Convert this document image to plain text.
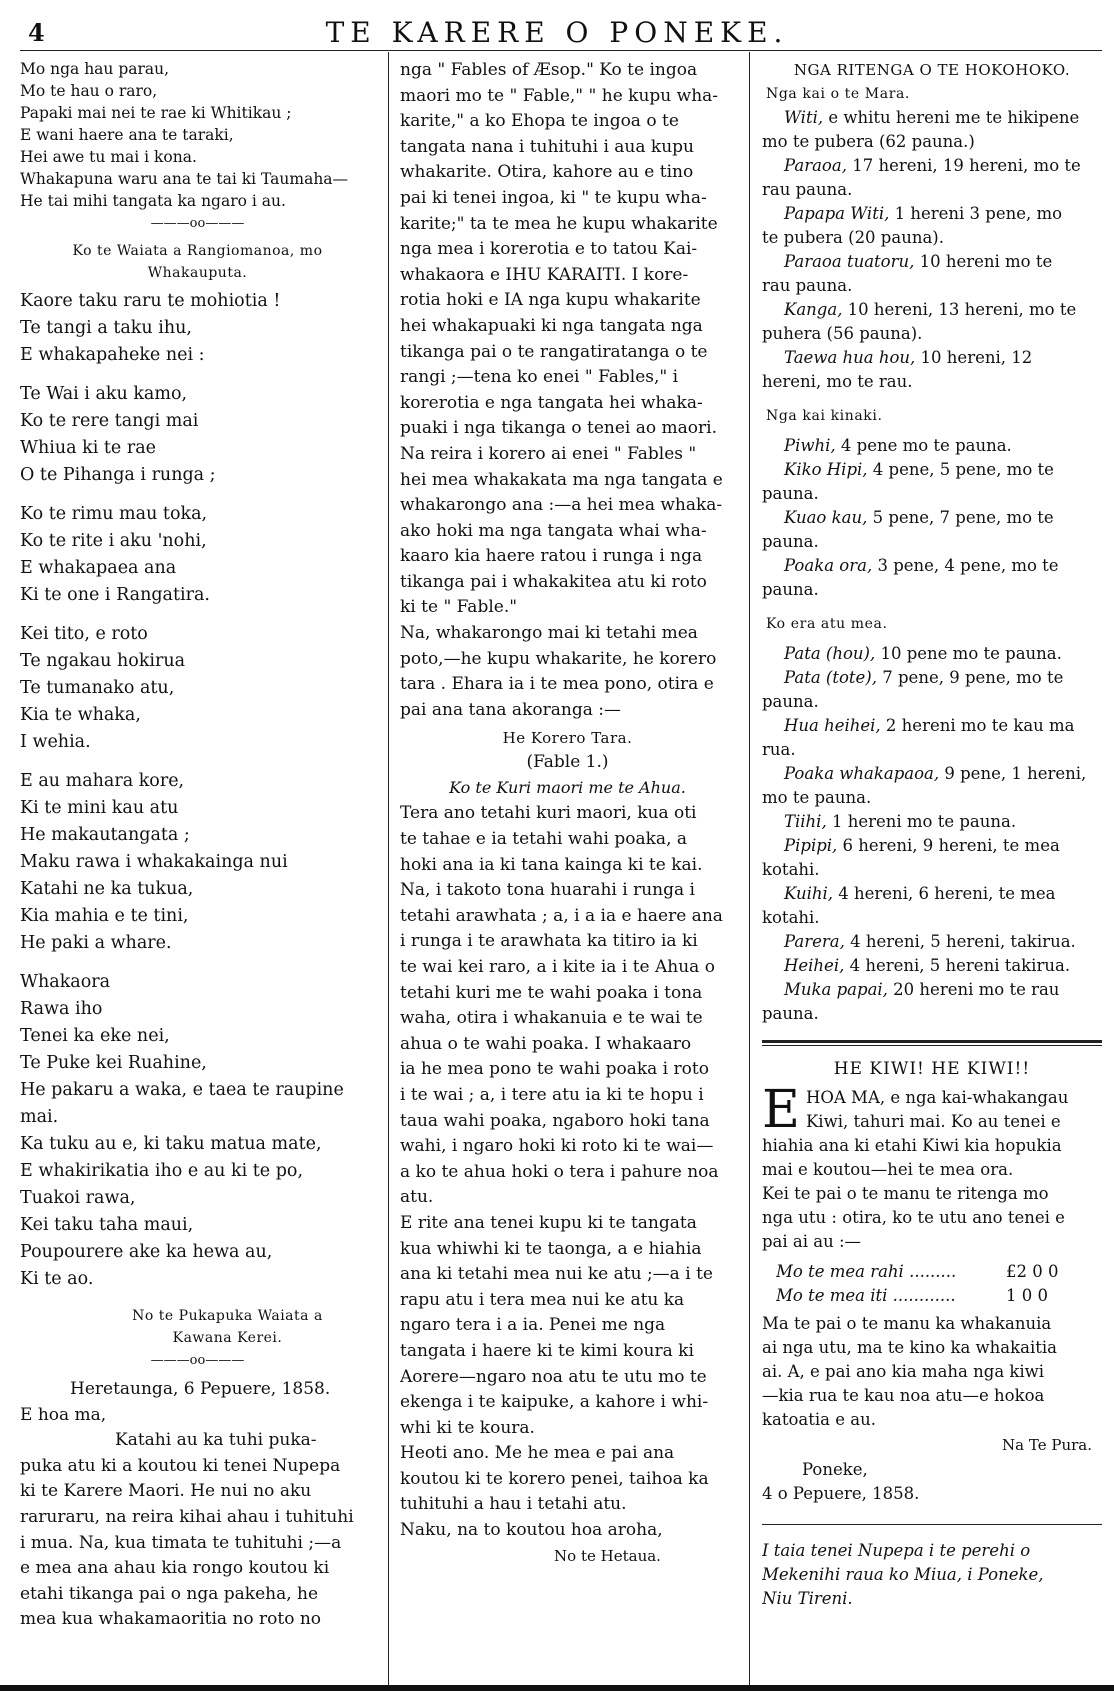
4	TE KARERE O PONEKE.
Mo nga hau parau,
Mo te hau o raro,
Papaki mai nei te rae ki Whitikau ;
E wani haere ana te taraki,
Hei awe tu mai i kona.
Whakapuna waru ana te tai ki Taumaha—
He tai mihi tangata ka ngaro i au.
———oo———
Ko te Waiata a Rangiomanoa, mo
Whakauputa.
Kaore taku raru te mohiotia !
Te tangi a taku ihu,
E whakapaheke nei :
Te Wai i aku kamo,
Ko te rere tangi mai
Whiua ki te rae
O te Pihanga i runga ;
Ko te rimu mau toka,
Ko te rite i aku 'nohi,
E whakapaea ana
Ki te one i Rangatira.
Kei tito, e roto
Te ngakau hokirua
Te tumanako atu,
Kia te whaka,
I wehia.
E au mahara kore,
Ki te mini kau atu
He makautangata ;
Maku rawa i whakakainga nui
Katahi ne ka tukua,
Kia mahia e te tini,
He paki a whare.
Whakaora
Rawa iho
Tenei ka eke nei,
Te Puke kei Ruahine,
He pakaru a waka, e taea te raupine
mai.
Ka tuku au e, ki taku matua mate,
E whakirikatia iho e au ki te po,
Tuakoi rawa,
Kei taku taha maui,
Poupourere ake ka hewa au,
Ki te ao.
No te Pukapuka Waiata a
Kawana Kerei.
———oo———
Heretaunga, 6 Pepuere, 1858.
E hoa ma,
Katahi au ka tuhi puka-
puka atu ki a koutou ki tenei Nupepa
ki te Karere Maori. He nui no aku
raruraru, na reira kihai ahau i tuhituhi
i mua. Na, kua timata te tuhituhi ;—a
e mea ana ahau kia rongo koutou ki
etahi tikanga pai o nga pakeha, he
mea kua whakamaoritia no roto no
nga " Fables of Æsop." Ko te ingoa
maori mo te " Fable," " he kupu wha-
karite," a ko Ehopa te ingoa o te
tangata nana i tuhituhi i aua kupu
whakarite. Otira, kahore au e tino
pai ki tenei ingoa, ki " te kupu wha-
karite;" ta te mea he kupu whakarite
nga mea i korerotia e to tatou Kai-
whakaora e IHU KARAITI. I kore-
rotia hoki e IA nga kupu whakarite
hei whakapuaki ki nga tangata nga
tikanga pai o te rangatiratanga o te
rangi ;—tena ko enei " Fables," i
korerotia e nga tangata hei whaka-
puaki i nga tikanga o tenei ao maori.
Na reira i korero ai enei " Fables "
hei mea whakakata ma nga tangata e
whakarongo ana :—a hei mea whaka-
ako hoki ma nga tangata whai wha-
kaaro kia haere ratou i runga i nga
tikanga pai i whakakitea atu ki roto
ki te " Fable."
Na, whakarongo mai ki tetahi mea
poto,—he kupu whakarite, he korero
tara . Ehara ia i te mea pono, otira e
pai ana tana akoranga :—
He Korero Tara.
(Fable 1.)
Ko te Kuri maori me te Ahua.
Tera ano tetahi kuri maori, kua oti
te tahae e ia tetahi wahi poaka, a
hoki ana ia ki tana kainga ki te kai.
Na, i takoto tona huarahi i runga i
tetahi arawhata ; a, i a ia e haere ana
i runga i te arawhata ka titiro ia ki
te wai kei raro, a i kite ia i te Ahua o
tetahi kuri me te wahi poaka i tona
waha, otira i whakanuia e te wai te
ahua o te wahi poaka. I whakaaro
ia he mea pono te wahi poaka i roto
i te wai ; a, i tere atu ia ki te hopu i
taua wahi poaka, ngaboro hoki tana
wahi, i ngaro hoki ki roto ki te wai—
a ko te ahua hoki o tera i pahure noa
atu.
E rite ana tenei kupu ki te tangata
kua whiwhi ki te taonga, a e hiahia
ana ki tetahi mea nui ke atu ;—a i te
rapu atu i tera mea nui ke atu ka
ngaro tera i a ia. Penei me nga
tangata i haere ki te kimi koura ki
Aorere—ngaro noa atu te utu mo te
ekenga i te kaipuke, a kahore i whi-
whi ki te koura.
Heoti ano. Me he mea e pai ana
koutou ki te korero penei, taihoa ka
tuhituhi a hau i tetahi atu.
Naku, na to koutou hoa aroha,
No te Hetaua.
NGA RITENGA O TE HOKOHOKO.
Nga kai o te Mara.
Witi, e whitu hereni me te hikipene
mo te pubera (62 pauna.)
Paraoa, 17 hereni, 19 hereni, mo te
rau pauna.
Papapa Witi, 1 hereni 3 pene, mo
te pubera (20 pauna).
Paraoa tuatoru, 10 hereni mo te
rau pauna.
Kanga, 10 hereni, 13 hereni, mo te
puhera (56 pauna).
Taewa hua hou, 10 hereni, 12
hereni, mo te rau.
Nga kai kinaki.
Piwhi, 4 pene mo te pauna.
Kiko Hipi, 4 pene, 5 pene, mo te
pauna.
Kuao kau, 5 pene, 7 pene, mo te
pauna.
Poaka ora, 3 pene, 4 pene, mo te
pauna.
Ko era atu mea.
Pata (hou), 10 pene mo te pauna.
Pata (tote), 7 pene, 9 pene, mo te
pauna.
Hua heihei, 2 hereni mo te kau ma
rua.
Poaka whakapaoa, 9 pene, 1 hereni,
mo te pauna.
Tiihi, 1 hereni mo te pauna.
Pipipi, 6 hereni, 9 hereni, te mea
kotahi.
Kuihi, 4 hereni, 6 hereni, te mea
kotahi.
Parera, 4 hereni, 5 hereni, takirua.
Heihei, 4 hereni, 5 hereni takirua.
Muka papai, 20 hereni mo te rau
pauna.
HE KIWI! HE KIWI!!
E HOA MA, e nga kai-whakangau
Kiwi, tahuri mai. Ko au tenei e
hiahia ana ki etahi Kiwi kia hopukia
mai e koutou—hei te mea ora.
Kei te pai o te manu te ritenga mo
nga utu : otira, ko te utu ano tenei e
pai ai au :—
Mo te mea rahi .........	£2 0 0
Mo te mea iti ............	1 0 0
Ma te pai o te manu ka whakanuia
ai nga utu, ma te kino ka whakaitia
ai. A, e pai ano kia maha nga kiwi
—kia rua te kau noa atu—e hokoa
katoatia e au.
Na Te Pura.
Poneke,
4 o Pepuere, 1858.
I taia tenei Nupepa i te perehi o
Mekenihi raua ko Miua, i Poneke,
Niu Tireni.
